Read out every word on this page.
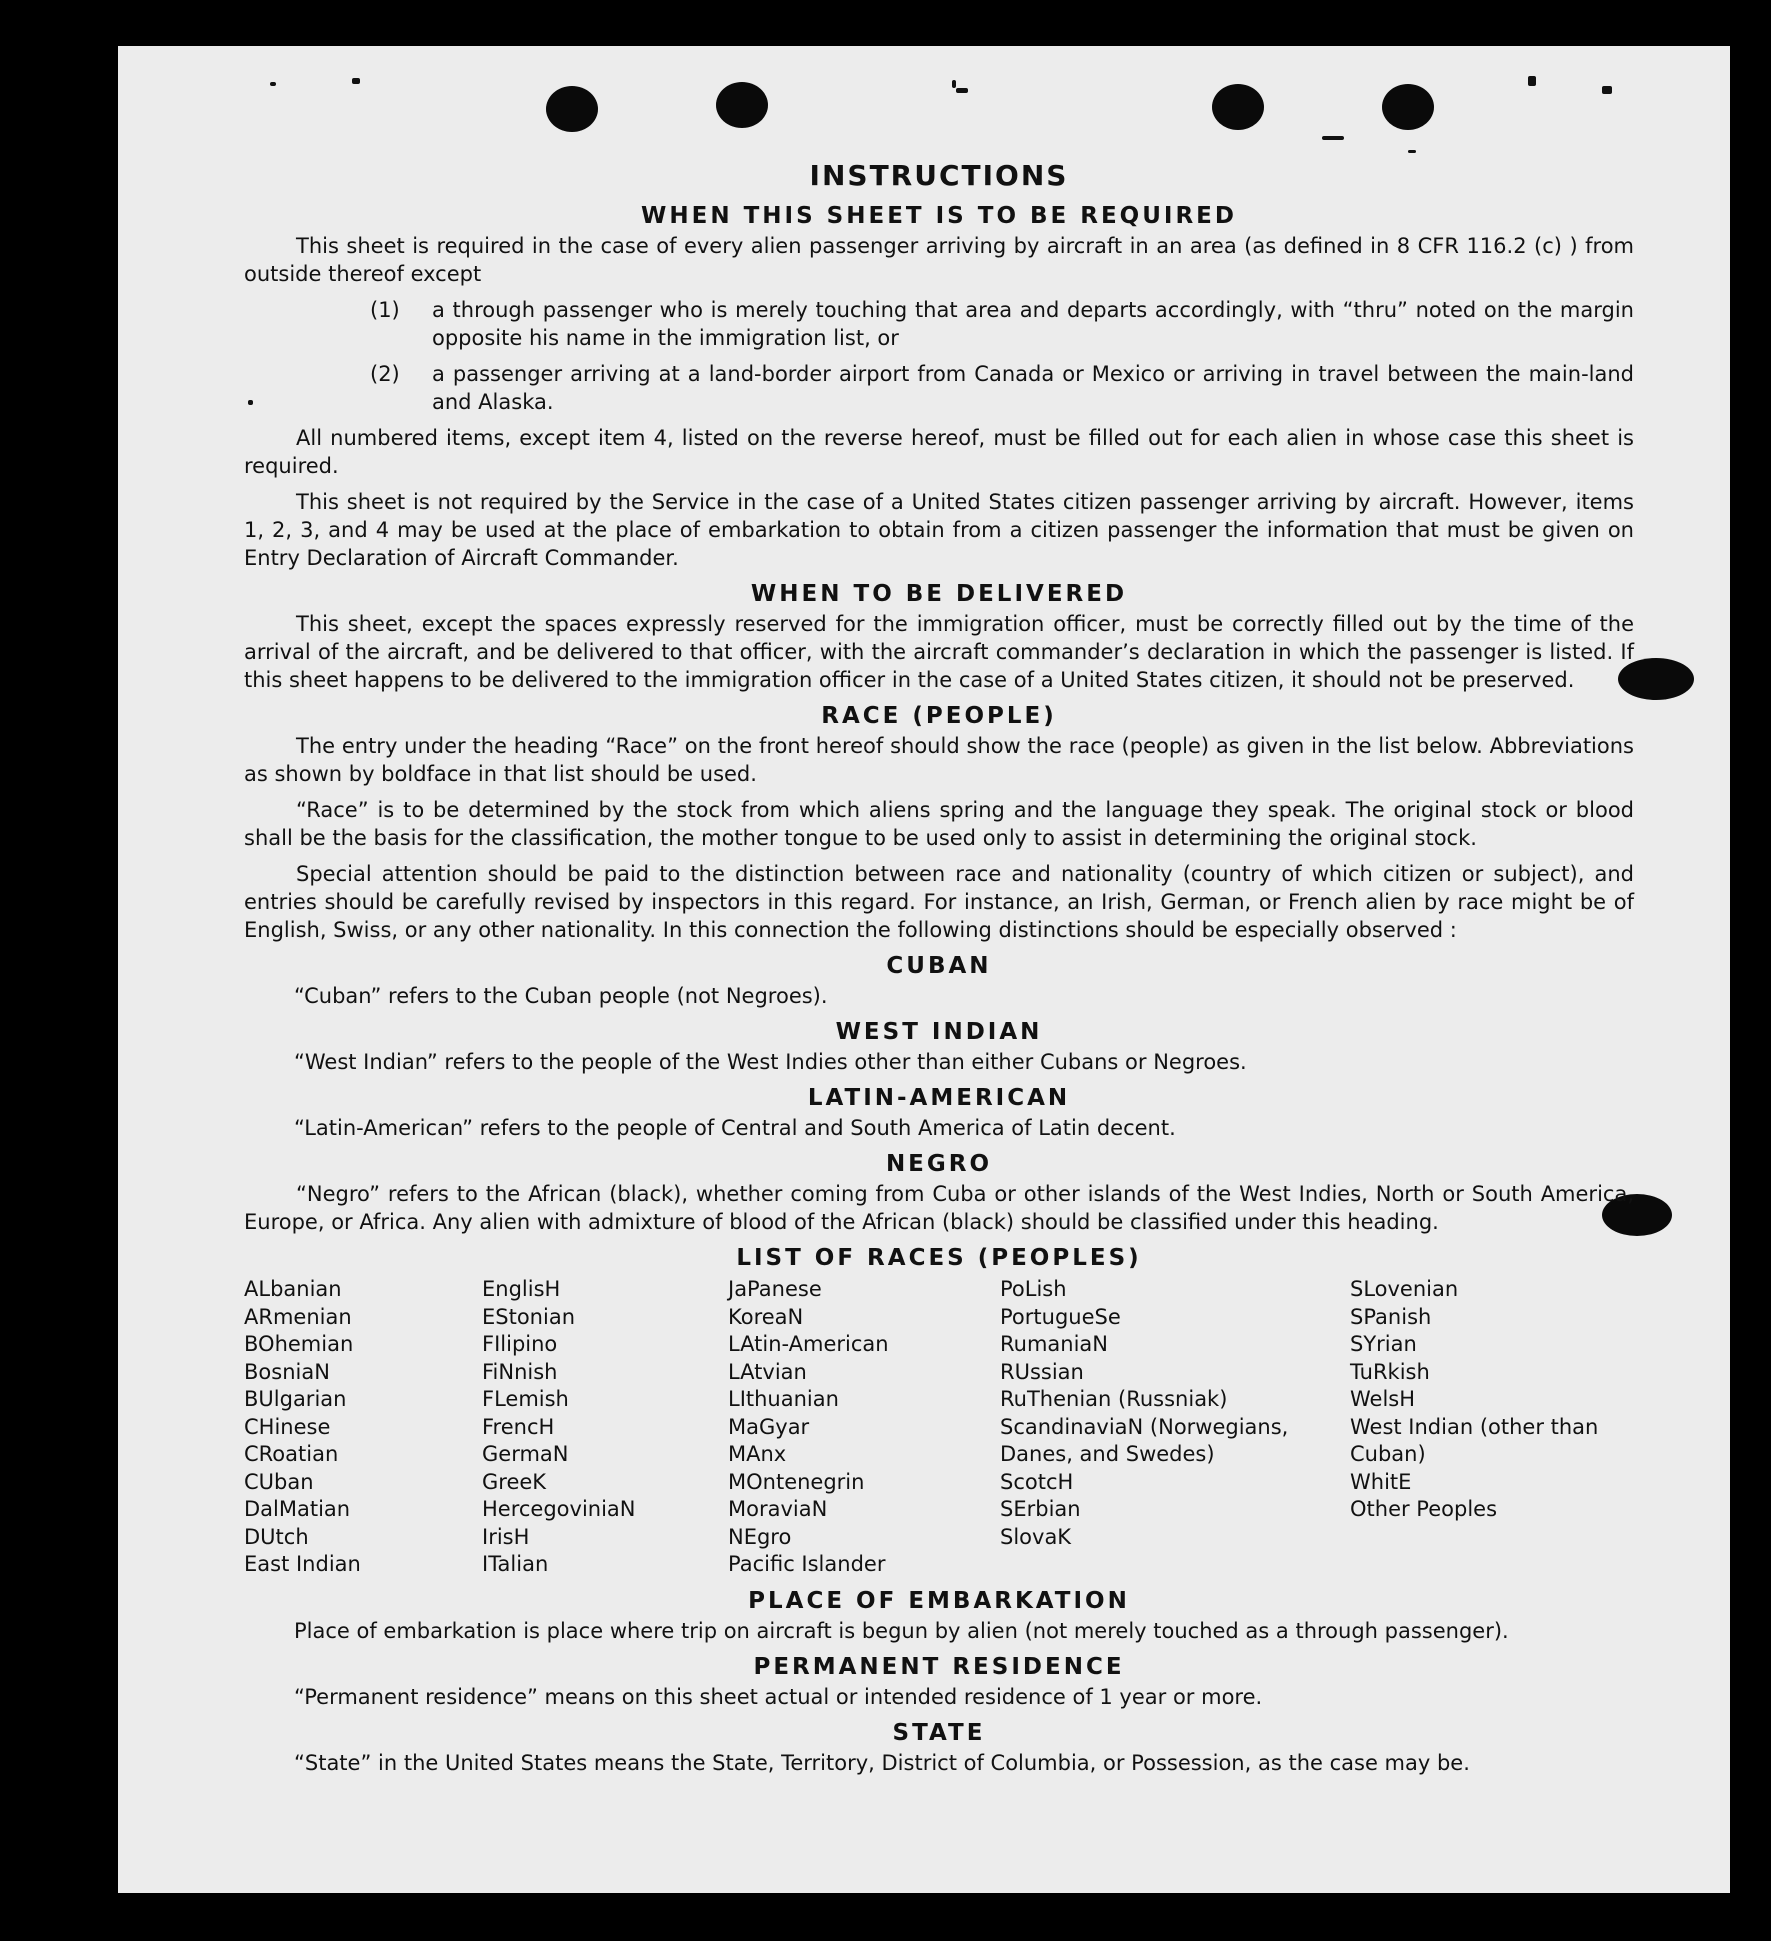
INSTRUCTIONS
WHEN THIS SHEET IS TO BE REQUIRED

This sheet is required in the case of every alien passenger arriving by aircraft in an area (as defined in 8 CFR 116.2 (c) ) from outside thereof except

(1)	a through passenger who is merely touching that area and departs accordingly, with “thru” noted on the margin opposite his name in the immigration list, or
(2)	a passenger arriving at a land-border airport from Canada or Mexico or arriving in travel between the main-land and Alaska.

All numbered items, except item 4, listed on the reverse hereof, must be filled out for each alien in whose case this sheet is required.

This sheet is not required by the Service in the case of a United States citizen passenger arriving by aircraft. However, items 1, 2, 3, and 4 may be used at the place of embarkation to obtain from a citizen passenger the information that must be given on Entry Declaration of Aircraft Commander.

WHEN TO BE DELIVERED

This sheet, except the spaces expressly reserved for the immigration officer, must be correctly filled out by the time of the arrival of the aircraft, and be delivered to that officer, with the aircraft commander’s declaration in which the passenger is listed. If this sheet happens to be delivered to the immigration officer in the case of a United States citizen, it should not be preserved.

RACE (PEOPLE)

The entry under the heading “Race” on the front hereof should show the race (people) as given in the list below. Abbreviations as shown by boldface in that list should be used.

“Race” is to be determined by the stock from which aliens spring and the language they speak. The original stock or blood shall be the basis for the classification, the mother tongue to be used only to assist in determining the original stock.

Special attention should be paid to the distinction between race and nationality (country of which citizen or subject), and entries should be carefully revised by inspectors in this regard. For instance, an Irish, German, or French alien by race might be of English, Swiss, or any other nationality. In this connection the following distinctions should be especially observed :

CUBAN
“Cuban” refers to the Cuban people (not Negroes).
WEST INDIAN
“West Indian” refers to the people of the West Indies other than either Cubans or Negroes.
LATIN-AMERICAN
“Latin-American” refers to the people of Central and South America of Latin decent.
NEGRO

“Negro” refers to the African (black), whether coming from Cuba or other islands of the West Indies, North or South America, Europe, or Africa. Any alien with admixture of blood of the African (black) should be classified under this heading.

LIST OF RACES (PEOPLES)
ALbanian
ARmenian
BOhemian
BosniaN
BUlgarian
CHinese
CRoatian
CUban
DalMatian
DUtch
East Indian
EnglisH
EStonian
FIlipino
FiNnish
FLemish
FrencH
GermaN
GreeK
HercegoviniaN
IrisH
ITalian
JaPanese
KoreaN
LAtin-American
LAtvian
LIthuanian
MaGyar
MAnx
MOntenegrin
MoraviaN
NEgro
Pacific Islander
PoLish
PortugueSe
RumaniaN
RUssian
RuThenian (Russniak)
ScandinaviaN (Norwegians, Danes, and Swedes)
ScotcH
SErbian
SlovaK
SLovenian
SPanish
SYrian
TuRkish
WelsH
West Indian (other than Cuban)
WhitE
Other Peoples
PLACE OF EMBARKATION
Place of embarkation is place where trip on aircraft is begun by alien (not merely touched as a through passenger).
PERMANENT RESIDENCE
“Permanent residence” means on this sheet actual or intended residence of 1 year or more.
STATE
“State” in the United States means the State, Territory, District of Columbia, or Possession, as the case may be.
